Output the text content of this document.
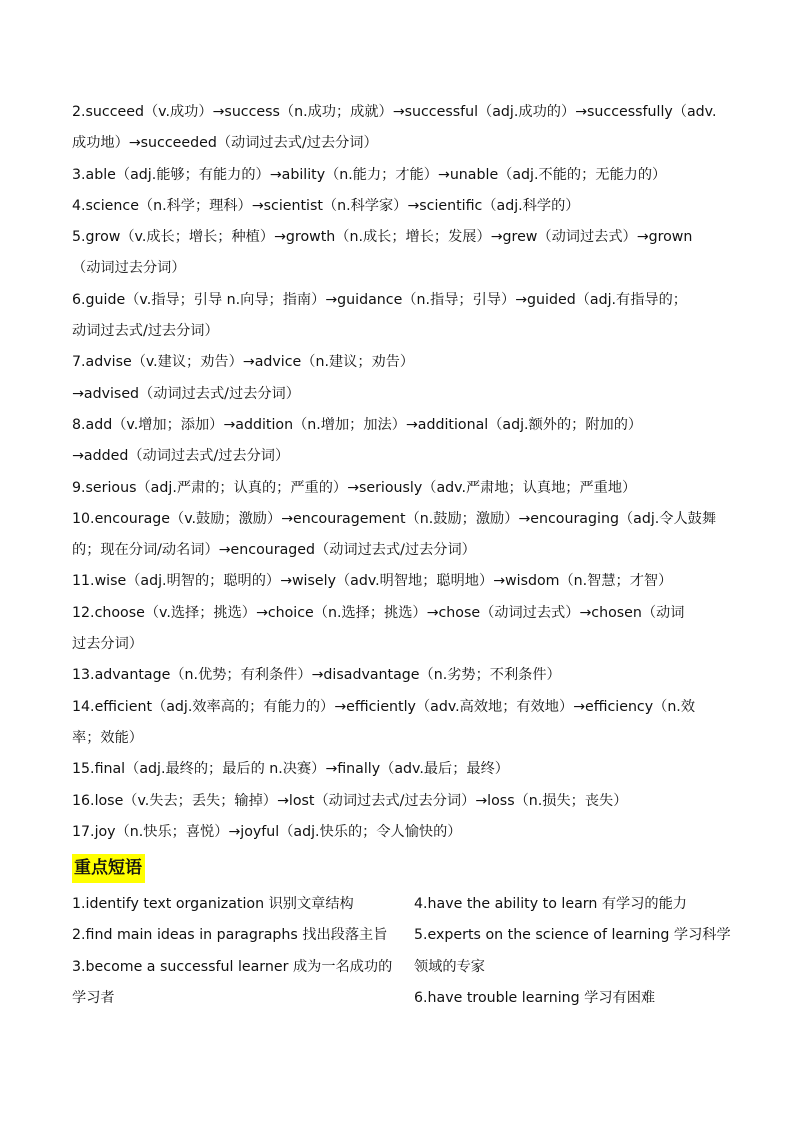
2.succeed（v.成功）→success（n.成功；成就）→successful（adj.成功的）→successfully（adv.
成功地）→succeeded（动词过去式/过去分词）
3.able（adj.能够；有能力的）→ability（n.能力；才能）→unable（adj.不能的；无能力的）
4.science（n.科学；理科）→scientist（n.科学家）→scientific（adj.科学的）
5.grow（v.成长；增长；种植）→growth（n.成长；增长；发展）→grew（动词过去式）→grown
（动词过去分词）
6.guide（v.指导；引导 n.向导；指南）→guidance（n.指导；引导）→guided（adj.有指导的；
动词过去式/过去分词）
7.advise（v.建议；劝告）→advice（n.建议；劝告）
→advised（动词过去式/过去分词）
8.add（v.增加；添加）→addition（n.增加；加法）→additional（adj.额外的；附加的）
→added（动词过去式/过去分词）
9.serious（adj.严肃的；认真的；严重的）→seriously（adv.严肃地；认真地；严重地）
10.encourage（v.鼓励；激励）→encouragement（n.鼓励；激励）→encouraging（adj.令人鼓舞
的；现在分词/动名词）→encouraged（动词过去式/过去分词）
11.wise（adj.明智的；聪明的）→wisely（adv.明智地；聪明地）→wisdom（n.智慧；才智）
12.choose（v.选择；挑选）→choice（n.选择；挑选）→chose（动词过去式）→chosen（动词
过去分词）
13.advantage（n.优势；有利条件）→disadvantage（n.劣势；不利条件）
14.efficient（adj.效率高的；有能力的）→efficiently（adv.高效地；有效地）→efficiency（n.效
率；效能）
15.final（adj.最终的；最后的 n.决赛）→finally（adv.最后；最终）
16.lose（v.失去；丢失；输掉）→lost（动词过去式/过去分词）→loss（n.损失；丧失）
17.joy（n.快乐；喜悦）→joyful（adj.快乐的；令人愉快的）
重点短语
1.identify text organization 识别文章结构
2.find main ideas in paragraphs 找出段落主旨
3.become a successful learner 成为一名成功的
学习者
4.have the ability to learn 有学习的能力
5.experts on the science of learning 学习科学
领域的专家
6.have trouble learning 学习有困难
